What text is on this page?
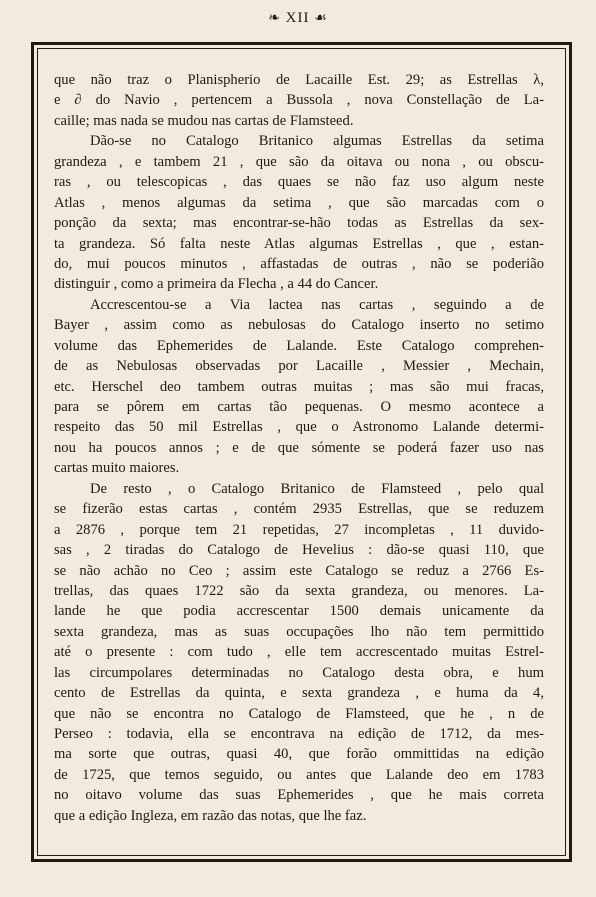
❧ XII ☙
que não traz o Planispherio de Lacaille Est. 29; as Estrellas λ,
e ∂ do Navio , pertencem a Bussola , nova Constellação de La-
caille; mas nada se mudou nas cartas de Flamsteed.
Dão-se no Catalogo Britanico algumas Estrellas da setima
grandeza , e tambem 21 , que são da oitava ou nona , ou obscu-
ras , ou telescopicas , das quaes se não faz uso algum neste
Atlas , menos algumas da setima , que são marcadas com o
ponção da sexta; mas encontrar-se-hão todas as Estrellas da sex-
ta grandeza. Só falta neste Atlas algumas Estrellas , que , estan-
do, mui poucos minutos , affastadas de outras , não se poderião
distinguir , como a primeira da Flecha , a 44 do Cancer.
Accrescentou-se a Via lactea nas cartas , seguindo a de
Bayer , assim como as nebulosas do Catalogo inserto no setimo
volume das Ephemerides de Lalande. Este Catalogo comprehen-
de as Nebulosas observadas por Lacaille , Messier , Mechain,
etc. Herschel deo tambem outras muitas ; mas são mui fracas,
para se pôrem em cartas tão pequenas. O mesmo acontece a
respeito das 50 mil Estrellas , que o Astronomo Lalande determi-
nou ha poucos annos ; e de que sómente se poderá fazer uso nas
cartas muito maiores.
De resto , o Catalogo Britanico de Flamsteed , pelo qual
se fizerão estas cartas , contém 2935 Estrellas, que se reduzem
a 2876 , porque tem 21 repetidas, 27 incompletas , 11 duvido-
sas , 2 tiradas do Catalogo de Hevelius : dão-se quasi 110, que
se não achão no Ceo ; assim este Catalogo se reduz a 2766 Es-
trellas, das quaes 1722 são da sexta grandeza, ou menores. La-
lande he que podia accrescentar 1500 demais unicamente da
sexta grandeza, mas as suas occupações lho não tem permittido
até o presente : com tudo , elle tem accrescentado muitas Estrel-
las circumpolares determinadas no Catalogo desta obra, e hum
cento de Estrellas da quinta, e sexta grandeza , e huma da 4,
que não se encontra no Catalogo de Flamsteed, que he , n de
Perseo : todavia, ella se encontrava na edição de 1712, da mes-
ma sorte que outras, quasi 40, que forão ommittidas na edição
de 1725, que temos seguido, ou antes que Lalande deo em 1783
no oitavo volume das suas Ephemerides , que he mais correta
que a edição Ingleza, em razão das notas, que lhe faz.
